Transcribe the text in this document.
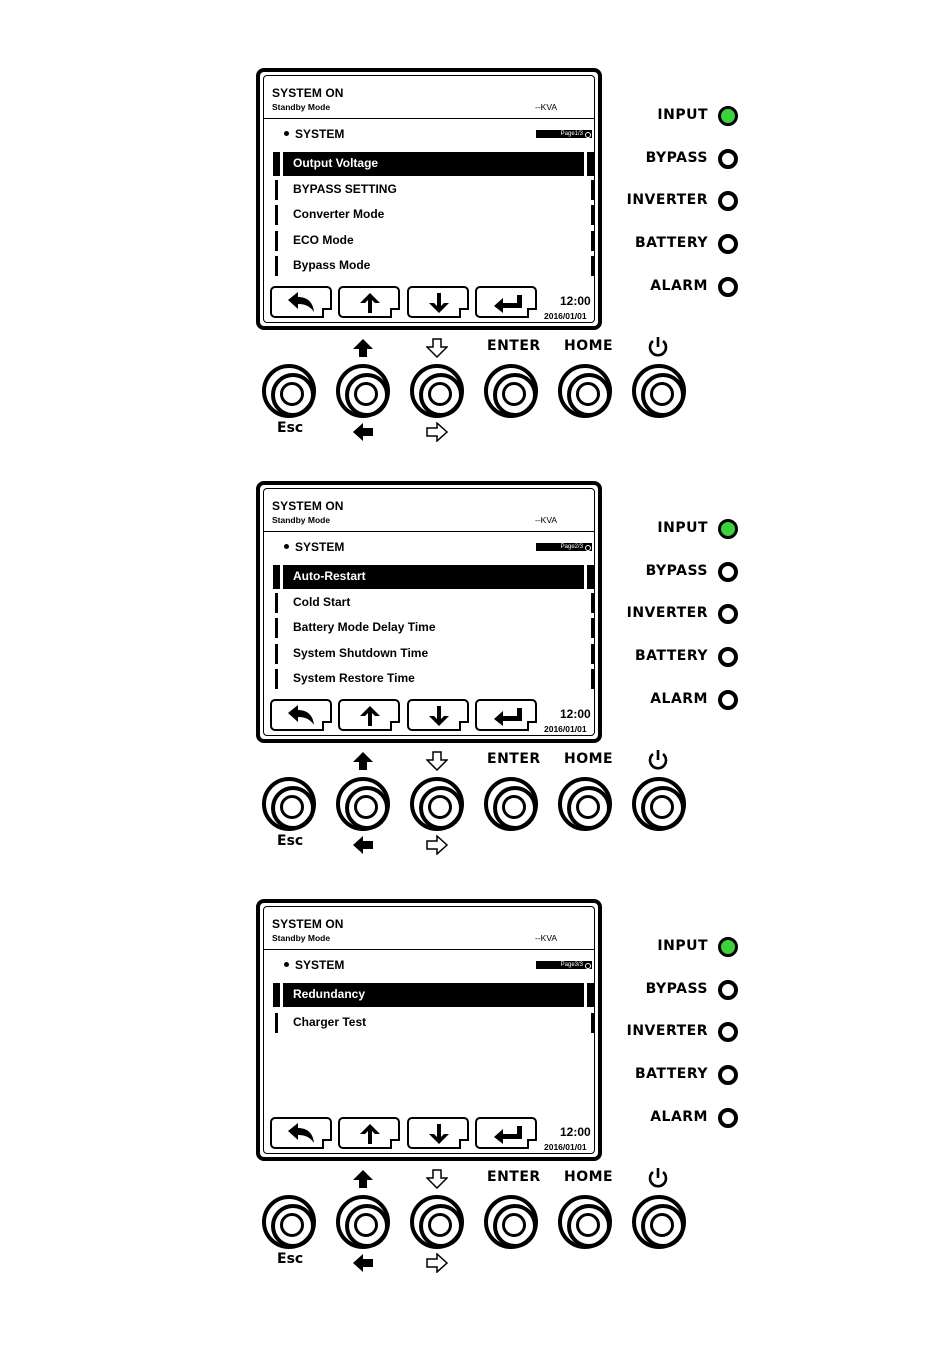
SYSTEM ON
Standby Mode	--KVA
SYSTEM	Page1/3
Output Voltage
BYPASS SETTING
Converter Mode
ECO Mode
Bypass Mode
12:00
2016/01/01
INPUT
BYPASS
INVERTER
BATTERY
ALARM
Esc
ENTER HOME
SYSTEM ON
Standby Mode	--KVA
SYSTEM	Page2/3
Auto-Restart
Cold Start
Battery Mode Delay Time
System Shutdown Time
System Restore Time
12:00
2016/01/01
INPUT
BYPASS
INVERTER
BATTERY
ALARM
Esc
ENTER HOME
SYSTEM ON
Standby Mode	--KVA
SYSTEM	Page3/3
Redundancy
Charger Test
12:00
2016/01/01
INPUT
BYPASS
INVERTER
BATTERY
ALARM
Esc
ENTER HOME
